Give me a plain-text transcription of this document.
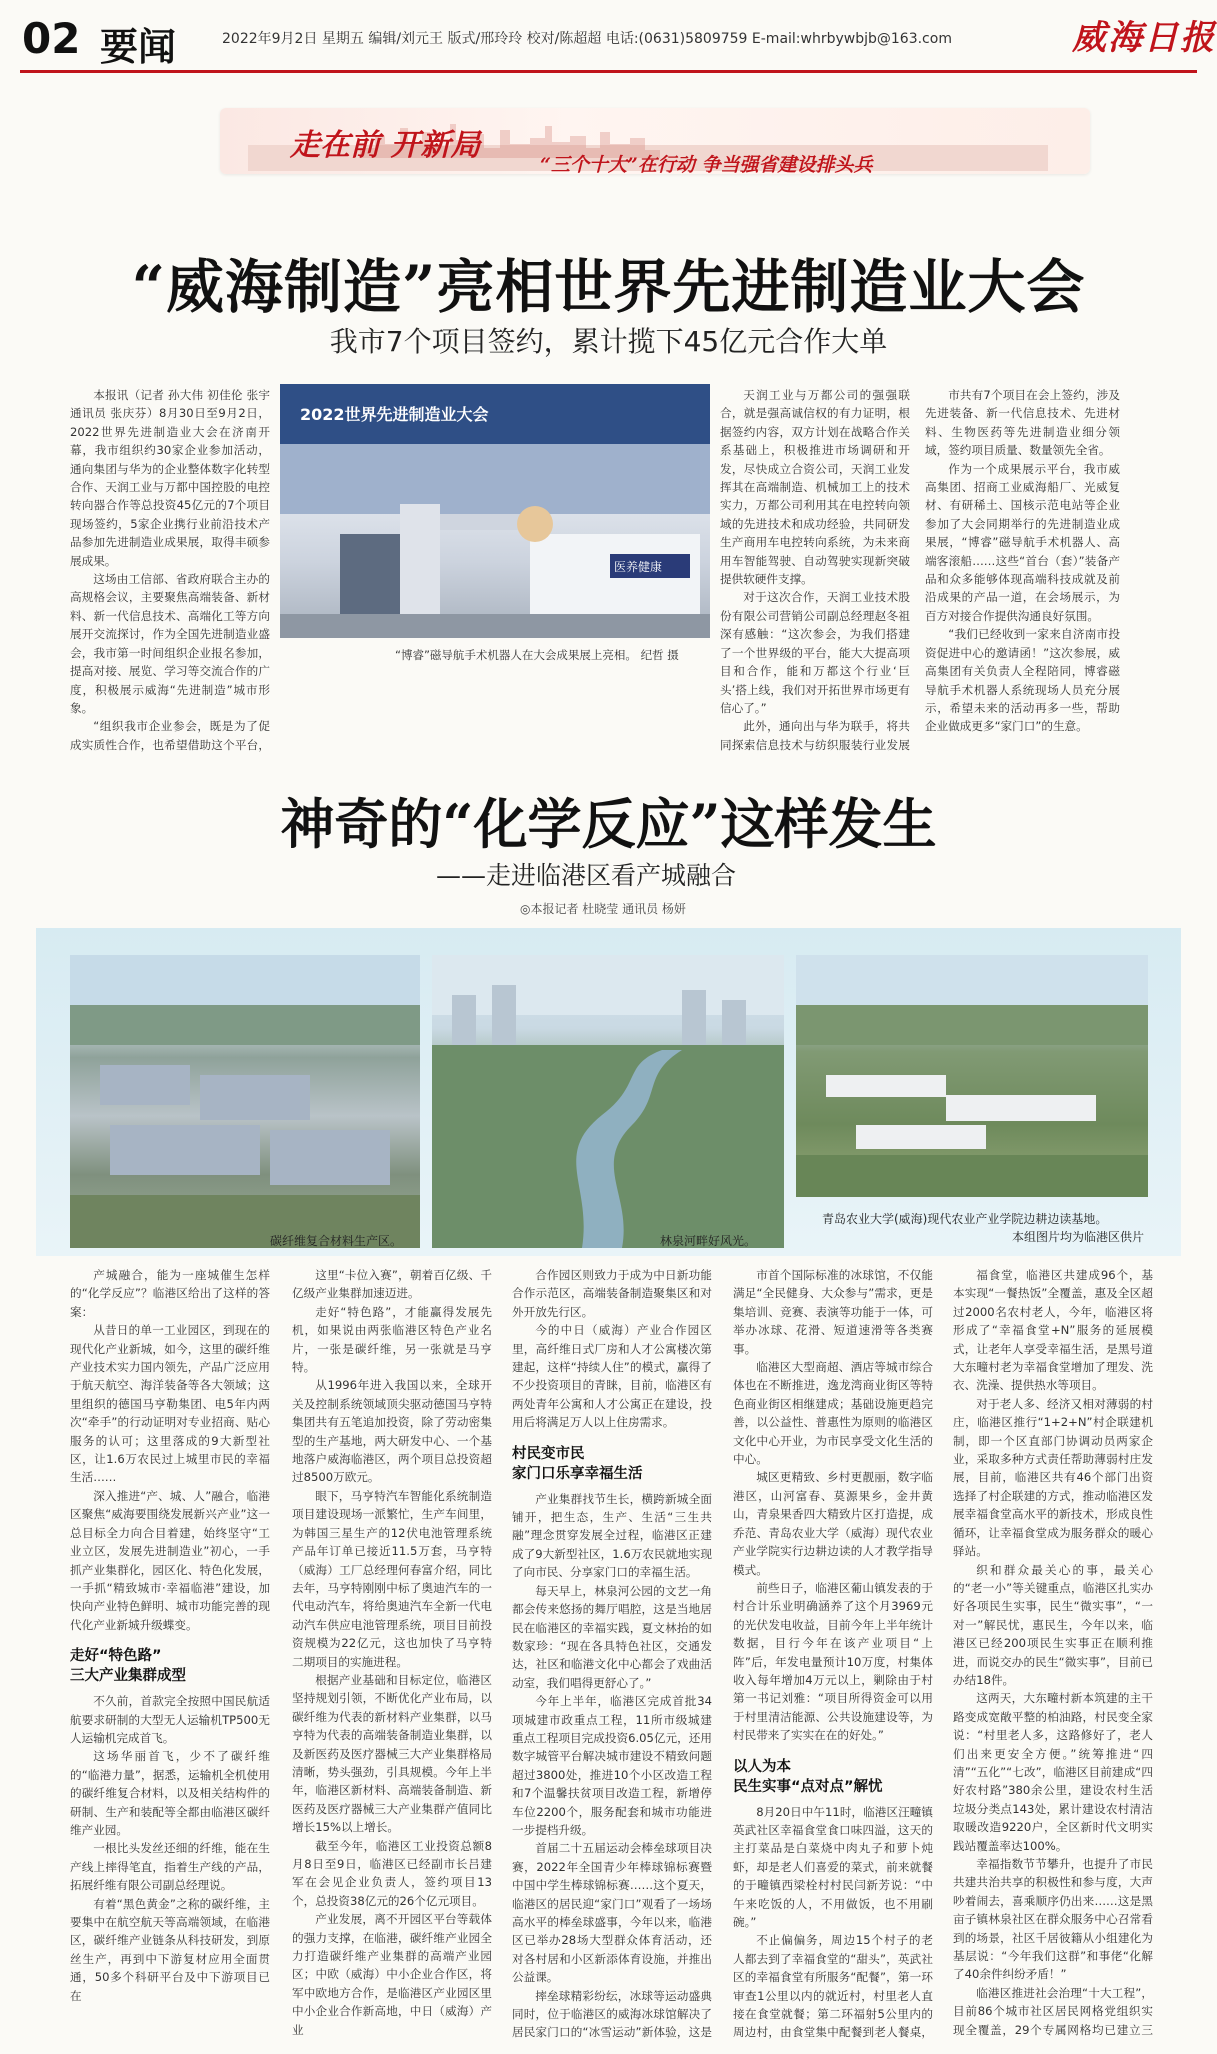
02 要闻	2022年9月2日 星期五 编辑/刘元王 版式/邢玲玲 校对/陈超超 电话:(0631)5809759 E-mail:whrbywbjb@163.com	威海日报
走在前 开新局
“三个十大”在行动 争当强省建设排头兵
“威海制造”亮相世界先进制造业大会
我市7个项目签约，累计揽下45亿元合作大单

本报讯（记者 孙大伟 初佳伦 张宇 通讯员 张庆芬）8月30日至9月2日，2022世界先进制造业大会在济南开幕，我市组织约30家企业参加活动，通向集团与华为的企业整体数字化转型合作、天润工业与万都中国控股的电控转向器合作等总投资45亿元的7个项目现场签约，5家企业携行业前沿技术产品参加先进制造业成果展，取得丰硕参展成果。

这场由工信部、省政府联合主办的高规格会议，主要聚焦高端装备、新材料、新一代信息技术、高端化工等方向展开交流探讨，作为全国先进制造业盛会，我市第一时间组织企业报名参加，提高对接、展览、学习等交流合作的广度，积极展示威海“先进制造”城市形象。

“组织我市企业参会，既是为了促成实质性合作，也希望借助这个平台，

2022世界先进制造业大会
医养健康
“博睿”磁导航手术机器人在大会成果展上亮相。 纪哲 摄

天润工业与万都公司的强强联合，就是强高诚信权的有力证明，根据签约内容，双方计划在战略合作关系基础上，积极推进市场调研和开发，尽快成立合资公司，天润工业发挥其在高端制造、机械加工上的技术实力，万都公司利用其在电控转向领域的先进技术和成功经验，共同研发生产商用车电控转向系统，为未来商用车智能驾驶、自动驾驶实现新突破提供软硬件支撑。

对于这次合作，天润工业技术股份有限公司营销公司副总经理赵冬祖深有感触：“这次参会，为我们搭建了一个世界级的平台，能大大提高项目和合作，能和万都这个行业‘巨头’搭上线，我们对开拓世界市场更有信心了。”

此外，通向出与华为联手，将共同探索信息技术与纺织服装行业发展

市共有7个项目在会上签约，涉及先进装备、新一代信息技术、先进材料、生物医药等先进制造业细分领域，签约项目质量、数量领先全省。

作为一个成果展示平台，我市威高集团、招商工业威海船厂、光威复材、有研稀土、国核示范电站等企业参加了大会同期举行的先进制造业成果展，“博睿”磁导航手术机器人、高端客滚船……这些“首台（套）”装备产品和众多能够体现高端科技成就及前沿成果的产品一道，在会场展示，为百方对接合作提供沟通良好氛围。

“我们已经收到一家来自济南市投资促进中心的邀请函！”这次参展，威高集团有关负责人全程陪同，博睿磁导航手术机器人系统现场人员充分展示，希望未来的活动再多一些，帮助企业做成更多“家门口”的生意。

神奇的“化学反应”这样发生
——走进临港区看产城融合
◎本报记者 杜晓莹 通讯员 杨妍
碳纤维复合材料生产区。	林泉河畔好风光。
青岛农业大学(威海)现代农业产业学院边耕边读基地。
本组图片均为临港区供片

产城融合，能为一座城催生怎样的“化学反应”？临港区给出了这样的答案：

从昔日的单一工业园区，到现在的现代化产业新城，如今，这里的碳纤维产业技术实力国内领先，产品广泛应用于航天航空、海洋装备等各大领域；这里组织的德国马亨勒集团、电5年内两次“牵手”的行动证明对专业招商、贴心服务的认可；这里落成的9大新型社区，让1.6万农民过上城里市民的幸福生活……

深入推进“产、城、人”融合，临港区聚焦“威海要围绕发展新兴产业”这一总目标全力向合目着建，始终坚守“工业立区，发展先进制造业”初心，一手抓产业集群化，园区化、特色化发展，一手抓“精致城市·幸福临港”建设，加快向产业特色鲜明、城市功能完善的现代化产业新城升级蝶变。

走好“特色路”
三大产业集群成型

不久前，首款完全按照中国民航适航要求研制的大型无人运输机TP500无人运输机完成首飞。

这场华丽首飞，少不了碳纤维的“临港力量”，据悉，运输机全机使用的碳纤维复合材料，以及相关结构件的研制、生产和装配等全都由临港区碳纤维产业园。

一根比头发丝还细的纤维，能在生产线上摔得笔直，指着生产线的产品，拓展纤维有限公司副总经理说。

有着“黑色黄金”之称的碳纤维，主要集中在航空航天等高端领域，在临港区，碳纤维产业链条从科技研发，到原丝生产，再到中下游复材应用全面贯通，50多个科研平台及中下游项目已在

这里“卡位入赛”，朝着百亿级、千亿级产业集群加速迈进。

走好“特色路”，才能赢得发展先机，如果说由两张临港区特色产业名片，一张是碳纤维，另一张就是马亨特。

从1996年进入我国以来，全球开关及控制系统领域顶尖驱动德国马亨特集团共有五笔追加投资，除了劳动密集型的生产基地，两大研发中心、一个基地落户威海临港区，两个项目总投资超过8500万欧元。

眼下，马亨特汽车智能化系统制造项目建设现场一派繁忙，生产车间里，为韩国三星生产的12伏电池管理系统产品年订单已接近11.5万套，马亨特（威海）工厂总经理何春富介绍，同比去年，马亨特刚刚中标了奥迪汽车的一代电动汽车，将给奥迪汽车全新一代电动汽车供应电池管理系统，项目目前投资规模为22亿元，这也加快了马亨特二期项目的实施进程。

根据产业基础和目标定位，临港区坚持规划引领，不断优化产业布局，以碳纤维为代表的新材料产业集群，以马亨特为代表的高端装备制造业集群，以及新医药及医疗器械三大产业集群格局清晰，势头强劲，引具规模。今年上半年，临港区新材料、高端装备制造、新医药及医疗器械三大产业集群产值同比增长15%以上增长。

截至今年，临港区工业投资总额8月8日至9日，临港区已经副市长吕建军在会见企业负责人，签约项目13个，总投资38亿元的26个亿元项目。

产业发展，离不开园区平台等载体的强力支撑，在临港，碳纤维产业园全力打造碳纤维产业集群的高端产业园区；中欧（威海）中小企业合作区，将军中欧地方合作，是临港区产业园区里中小企业合作新高地，中日（威海）产业

合作园区则致力于成为中日新功能合作示范区，高端装备制造聚集区和对外开放先行区。

今的中日（威海）产业合作园区里，高纤维日式厂房和人才公寓楼次第建起，这样“持续人住”的模式，赢得了不少投资项目的青睐，目前，临港区有两处青年公寓和人才公寓正在建设，投用后将满足万人以上住房需求。

村民变市民
家门口乐享幸福生活

产业集群找节生长，横跨新城全面铺开，把生态，生产、生活“三生共融”理念贯穿发展全过程，临港区正建成了9大新型社区，1.6万农民就地实现了向市民、分享家门口的幸福生活。

每天早上，林泉河公园的文艺一角都会传来悠扬的舞厅唱腔，这是当地居民在临港区的幸福实践，夏文林抬的如数家珍：“现在各具特色社区，交通发达，社区和临港文化中心都会了戏曲活动室，我们唱得更舒心了。”

今年上半年，临港区完成首批34项城建市政重点工程，11所市级城建重点工程项目完成投资6.05亿元，还用数字城管平台解决城市建设不精致问题超过3800处，推进10个小区改造工程和7个温馨扶贫项目改造工程，新增停车位2200个，服务配套和城市功能进一步提档升级。

首届二十五届运动会棒垒球项目决赛，2022年全国青少年棒球锦标赛暨中国中学生棒球锦标赛……这个夏天，临港区的居民迎“家门口”观看了一场场高水平的棒垒球盛事，今年以来，临港区已举办28场大型群众体育活动，还对各村居和小区新添体育设施，并推出公益课。

摔垒球精彩纷纭，冰球等运动盛典同时，位于临港区的威海冰球馆解决了居民家门口的“冰雪运动”新体验，这是

市首个国际标准的冰球馆，不仅能满足“全民健身、大众参与”需求，更是集培训、竞赛、表演等功能于一体，可举办冰球、花滑、短道速滑等各类赛事。

临港区大型商超、酒店等城市综合体也在不断推进，逸龙湾商业街区等特色商业街区相继建成；基础设施更趋完善，以公益性、普惠性为原则的临港区文化中心开业，为市民享受文化生活的中心。

城区更精致、乡村更靓丽，数字临港区，山河富春、莫源果乡，金井黄山，青泉果香四大精致片区打造提，成乔范、青岛农业大学（威海）现代农业产业学院实行边耕边读的人才教学指导模式。

前些日子，临港区葡山镇发表的于村合计乐业明确涵养了这个月3969元的光伏发电收益，目前今年上半年统计数据，目行今年在该产业项目“上阵”后，年发电量预计10万度，村集体收入每年增加4万元以上，剿除由于村第一书记刘雅：“项目所得资金可以用于村里清洁能源、公共设施建设等，为村民带来了实实在在的好处。”

以人为本
民生实事“点对点”解忧

8月20日中午11时，临港区汪疃镇英武社区幸福食堂食口味四溢，这天的主打菜品是白菜烧中肉丸子和萝卜炖虾，却是老人们喜爱的菜式，前来就餐的于疃镇西梁栓村村民闫新芳说：“中午来吃饭的人，不用做饭，也不用刷碗。”

不止偏偏务，周边15个村子的老人都去到了幸福食堂的“甜头”，英武社区的幸福食堂有所服务“配餐”，第一环审查1公里以内的就近村，村里老人直接在食堂就餐；第二环福射5公里内的周边村，由食堂集中配餐到老人餐桌，

福食堂，临港区共建成96个，基本实现“一餐热饭”全覆盖，惠及全区超过2000名农村老人，今年，临港区将形成了“幸福食堂+N”服务的延展模式，让老年人享受幸福生活，是黑号道大东疃村老为幸福食堂增加了理发、洗衣、洗澡、提供热水等项目。

对于老人多、经济又相对薄弱的村庄，临港区推行“1+2+N”村企联建机制，即一个区直部门协调动员两家企业，采取多种方式责任帮助薄弱村庄发展，目前，临港区共有46个部门出资选择了村企联建的方式，推动临港区发展幸福食堂高水平的新技术，形成良性循环，让幸福食堂成为服务群众的暖心驿站。

织和群众最关心的事，最关心的“老一小”等关键重点，临港区扎实办好各项民生实事，民生“微实事”，“一对一”解民忧，惠民生，今年以来，临港区已经200项民生实事正在顺利推进，而说交办的民生“微实事”，目前已办结18件。

这两天，大东疃村新本筑建的主干路变成宽敞平整的柏油路，村民变全家说：“村里老人多，这路修好了，老人们出来更安全方便。”统筹推进“四清”“五化”“七改”，临港区目前建成“四好农村路”380余公里，建设农村生活垃圾分类点143处，累计建设农村清洁取暖改造9220户，全区新时代文明实践站覆盖率达100%。

幸福指数节节攀升，也提升了市民共建共治共享的积极性和参与度，大声吵着闹去，喜乘顺序仍出来……这是黑亩子镇林泉社区在群众服务中心召常看到的场景，社区千居彼籍从小组建化为基层说：“今年我们这群”和事佬“化解了40余件纠纷矛盾！”

临港区推进社会治理“十大工程”，目前86个城市社区居民网格党组织实现全覆盖，29个专属网格均已建立三
